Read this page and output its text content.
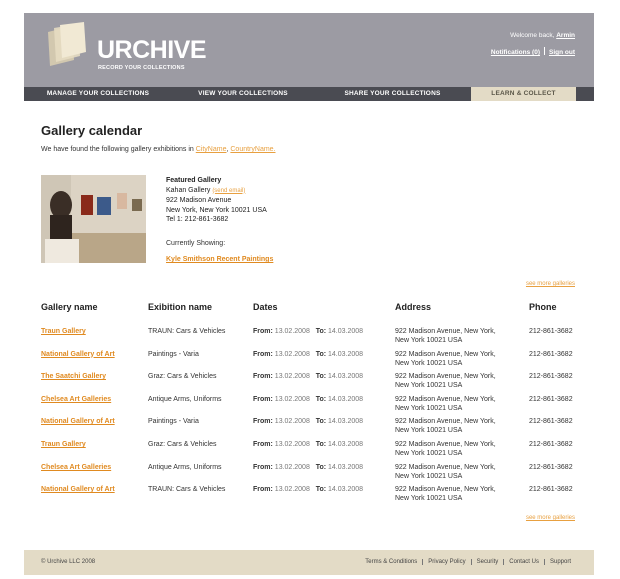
URCHIVE
RECORD YOUR COLLECTIONS
Welcome back, Armin
Notifications (0) Sign out
MANAGE YOUR COLLECTIONS	VIEW YOUR COLLECTIONS	SHARE YOUR COLLECTIONS	LEARN & COLLECT
Gallery calendar
We have found the following gallery exhibitions in CityName, CountryName.
Featured Gallery
Kahan Gallery (send email)
922 Madison Avenue
New York, New York 10021 USA
Tel 1: 212-861-3682
Currently Showing:
Kyle Smithson Recent Paintings
see more galleries
Gallery name	Exibition name	Dates	Address	Phone
Traun Gallery	TRAUN: Cars & Vehicles	From: 13.02.2008 To: 14.03.2008	922 Madison Avenue, New York,
New York 10021 USA
212-861-3682
National Gallery of Art	Paintings - Varia	From: 13.02.2008 To: 14.03.2008	922 Madison Avenue, New York,
New York 10021 USA
212-861-3682
The Saatchi Gallery	Graz: Cars & Vehicles	From: 13.02.2008 To: 14.03.2008	922 Madison Avenue, New York,
New York 10021 USA
212-861-3682
Chelsea Art Galleries	Antique Arms, Uniforms	From: 13.02.2008 To: 14.03.2008	922 Madison Avenue, New York,
New York 10021 USA
212-861-3682
National Gallery of Art	Paintings - Varia	From: 13.02.2008 To: 14.03.2008	922 Madison Avenue, New York,
New York 10021 USA
212-861-3682
Traun Gallery	Graz: Cars & Vehicles	From: 13.02.2008 To: 14.03.2008	922 Madison Avenue, New York,
New York 10021 USA
212-861-3682
Chelsea Art Galleries	Antique Arms, Uniforms	From: 13.02.2008 To: 14.03.2008	922 Madison Avenue, New York,
New York 10021 USA
212-861-3682
National Gallery of Art	TRAUN: Cars & Vehicles	From: 13.02.2008 To: 14.03.2008	922 Madison Avenue, New York,
New York 10021 USA
212-861-3682
see more galleries
© Urchive LLC 2008	Terms & Conditions	Privacy Policy	Security	Contact Us	Support
